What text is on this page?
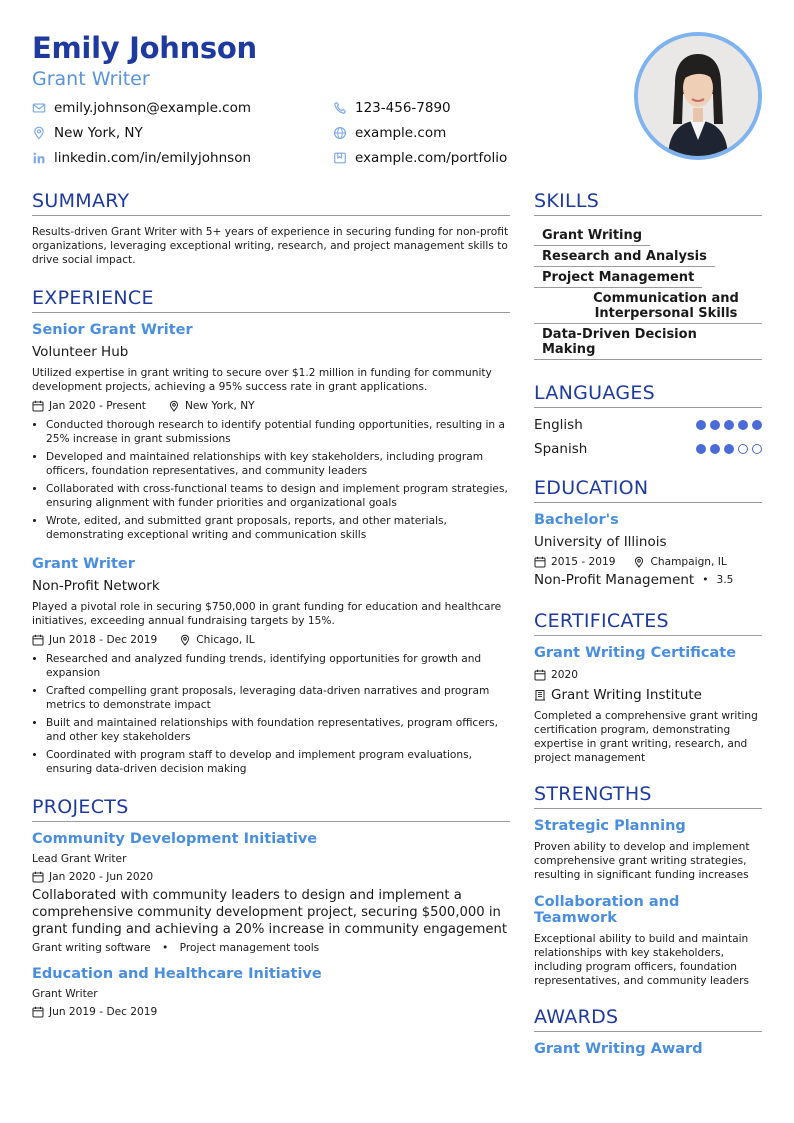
Emily Johnson
Grant Writer
emily.johnson@example.com	123-456-7890
New York, NY	example.com
linkedin.com/in/emilyjohnson	example.com/portfolio
SUMMARY
Results-driven Grant Writer with 5+ years of experience in securing funding for non-profit organizations, leveraging exceptional writing, research, and project management skills to drive social impact.
EXPERIENCE
Senior Grant Writer
Volunteer Hub
Utilized expertise in grant writing to secure over $1.2 million in funding for community development projects, achieving a 95% success rate in grant applications.
Jan 2020 - Present	New York, NY
• Conducted thorough research to identify potential funding opportunities, resulting in a 25% increase in grant submissions
• Developed and maintained relationships with key stakeholders, including program officers, foundation representatives, and community leaders
• Collaborated with cross-functional teams to design and implement program strategies, ensuring alignment with funder priorities and organizational goals
• Wrote, edited, and submitted grant proposals, reports, and other materials, demonstrating exceptional writing and communication skills
Grant Writer
Non-Profit Network
Played a pivotal role in securing $750,000 in grant funding for education and healthcare initiatives, exceeding annual fundraising targets by 15%.
Jun 2018 - Dec 2019	Chicago, IL
• Researched and analyzed funding trends, identifying opportunities for growth and expansion
• Crafted compelling grant proposals, leveraging data-driven narratives and program metrics to demonstrate impact
• Built and maintained relationships with foundation representatives, program officers, and other key stakeholders
• Coordinated with program staff to develop and implement program evaluations, ensuring data-driven decision making
PROJECTS
Community Development Initiative
Lead Grant Writer
Jan 2020 - Jun 2020
Collaborated with community leaders to design and implement a comprehensive community development project, securing $500,000 in grant funding and achieving a 20% increase in community engagement
Grant writing software • Project management tools
Education and Healthcare Initiative
Grant Writer
Jun 2019 - Dec 2019
SKILLS
Grant Writing
Research and Analysis
Project Management
Communication and Interpersonal Skills
Data-Driven Decision Making
LANGUAGES
English
Spanish
EDUCATION
Bachelor's
University of Illinois
2015 - 2019	Champaign, IL
Non-Profit Management • 3.5
CERTIFICATES
Grant Writing Certificate
2020
Grant Writing Institute
Completed a comprehensive grant writing certification program, demonstrating expertise in grant writing, research, and project management
STRENGTHS
Strategic Planning
Proven ability to develop and implement comprehensive grant writing strategies, resulting in significant funding increases
Collaboration and Teamwork
Exceptional ability to build and maintain relationships with key stakeholders, including program officers, foundation representatives, and community leaders
AWARDS
Grant Writing Award
